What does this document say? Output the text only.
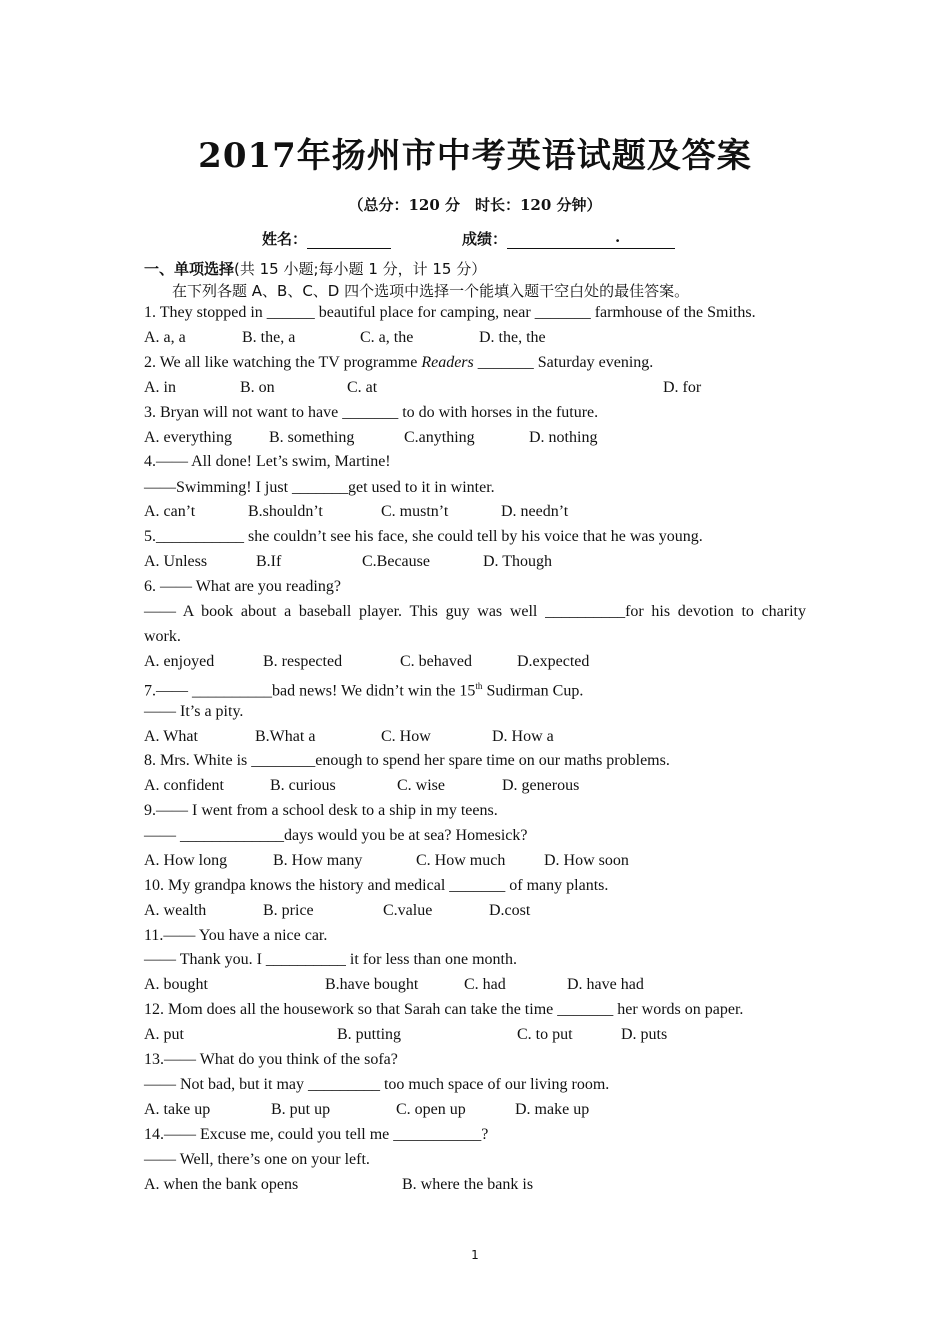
2017年扬州市中考英语试题及答案
（总分：120 分　时长：120 分钟）
姓名：	成绩：	.
一、单项选择(共 15 小题;每小题 1 分，计 15 分）
在下列各题 A、B、C、D 四个选项中选择一个能填入题干空白处的最佳答案。
1. They stopped in ______ beautiful place for camping, near _______ farmhouse of the Smiths.
A. a, a	B. the, a	C. a, the	D. the, the
2. We all like watching the TV programme Readers _______ Saturday evening.
A. in	B. on	C. at	D. for
3. Bryan will not want to have _______ to do with horses in the future.
A. everything B. something	C.anything	D. nothing
4.—— All done! Let’s swim, Martine!
——Swimming! I just _______get used to it in winter.
A. can’t	B.shouldn’t	C. mustn’t	D. needn’t
5.___________ she couldn’t see his face, she could tell by his voice that he was young.
A. Unless	B.If	C.Because	D. Though
6. —— What are you reading?
—— A book about a baseball player. This guy was well __________for his devotion to charity
work.
A. enjoyed	B. respected	C. behaved	D.expected
7.—— __________bad news! We didn’t win the 15th Sudirman Cup.
—— It’s a pity.
A. What	B.What a	C. How	D. How a
8. Mrs. White is ________enough to spend her spare time on our maths problems.
A. confident	B. curious	C. wise	D. generous
9.—— I went from a school desk to a ship in my teens.
—— _____________days would you be at sea? Homesick?
A. How long	B. How many	C. How much D. How soon
10. My grandpa knows the history and medical _______ of many plants.
A. wealth	B. price	C.value	D.cost
11.—— You have a nice car.
—— Thank you. I __________ it for less than one month.
A. bought	B.have bought	C. had	D. have had
12. Mom does all the housework so that Sarah can take the time _______ her words on paper.
A. put	B. putting	C. to put	D. puts
13.—— What do you think of the sofa?
—— Not bad, but it may _________ too much space of our living room.
A. take up	B. put up	C. open up	D. make up
14.—— Excuse me, could you tell me ___________?
—— Well, there’s one on your left.
A. when the bank opens	B. where the bank is
1
